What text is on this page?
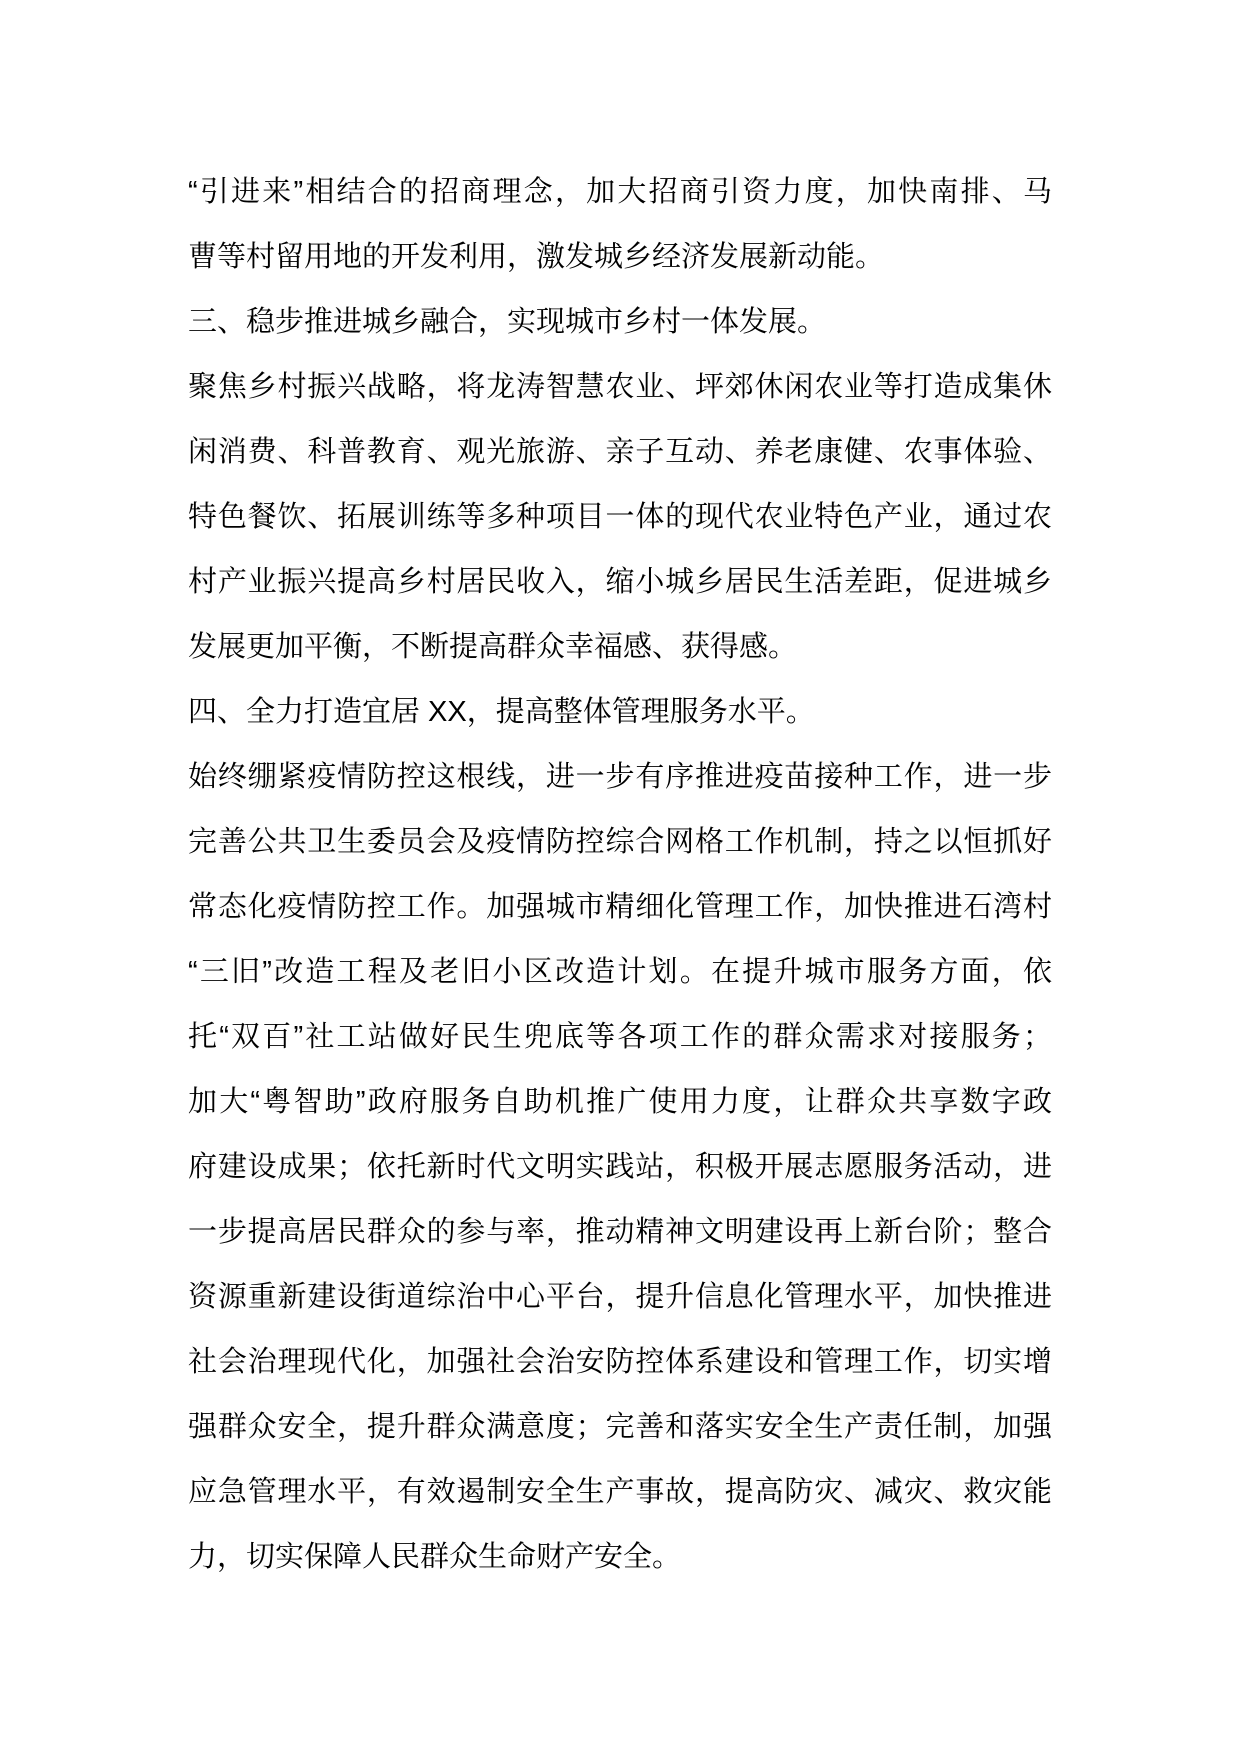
“引进来”相结合的招商理念，加大招商引资力度，加快南排、马
曹等村留用地的开发利用，激发城乡经济发展新动能。
三、稳步推进城乡融合，实现城市乡村一体发展。
聚焦乡村振兴战略，将龙涛智慧农业、坪郊休闲农业等打造成集休
闲消费、科普教育、观光旅游、亲子互动、养老康健、农事体验、
特色餐饮、拓展训练等多种项目一体的现代农业特色产业，通过农
村产业振兴提高乡村居民收入，缩小城乡居民生活差距，促进城乡
发展更加平衡，不断提高群众幸福感、获得感。
四、全力打造宜居 XX，提高整体管理服务水平。
始终绷紧疫情防控这根线，进一步有序推进疫苗接种工作，进一步
完善公共卫生委员会及疫情防控综合网格工作机制，持之以恒抓好
常态化疫情防控工作。加强城市精细化管理工作，加快推进石湾村
“三旧”改造工程及老旧小区改造计划。在提升城市服务方面，依
托“双百”社工站做好民生兜底等各项工作的群众需求对接服务；
加大“粤智助”政府服务自助机推广使用力度，让群众共享数字政
府建设成果；依托新时代文明实践站，积极开展志愿服务活动，进
一步提高居民群众的参与率，推动精神文明建设再上新台阶；整合
资源重新建设街道综治中心平台，提升信息化管理水平，加快推进
社会治理现代化，加强社会治安防控体系建设和管理工作，切实增
强群众安全，提升群众满意度；完善和落实安全生产责任制，加强
应急管理水平，有效遏制安全生产事故，提高防灾、减灾、救灾能
力，切实保障人民群众生命财产安全。
